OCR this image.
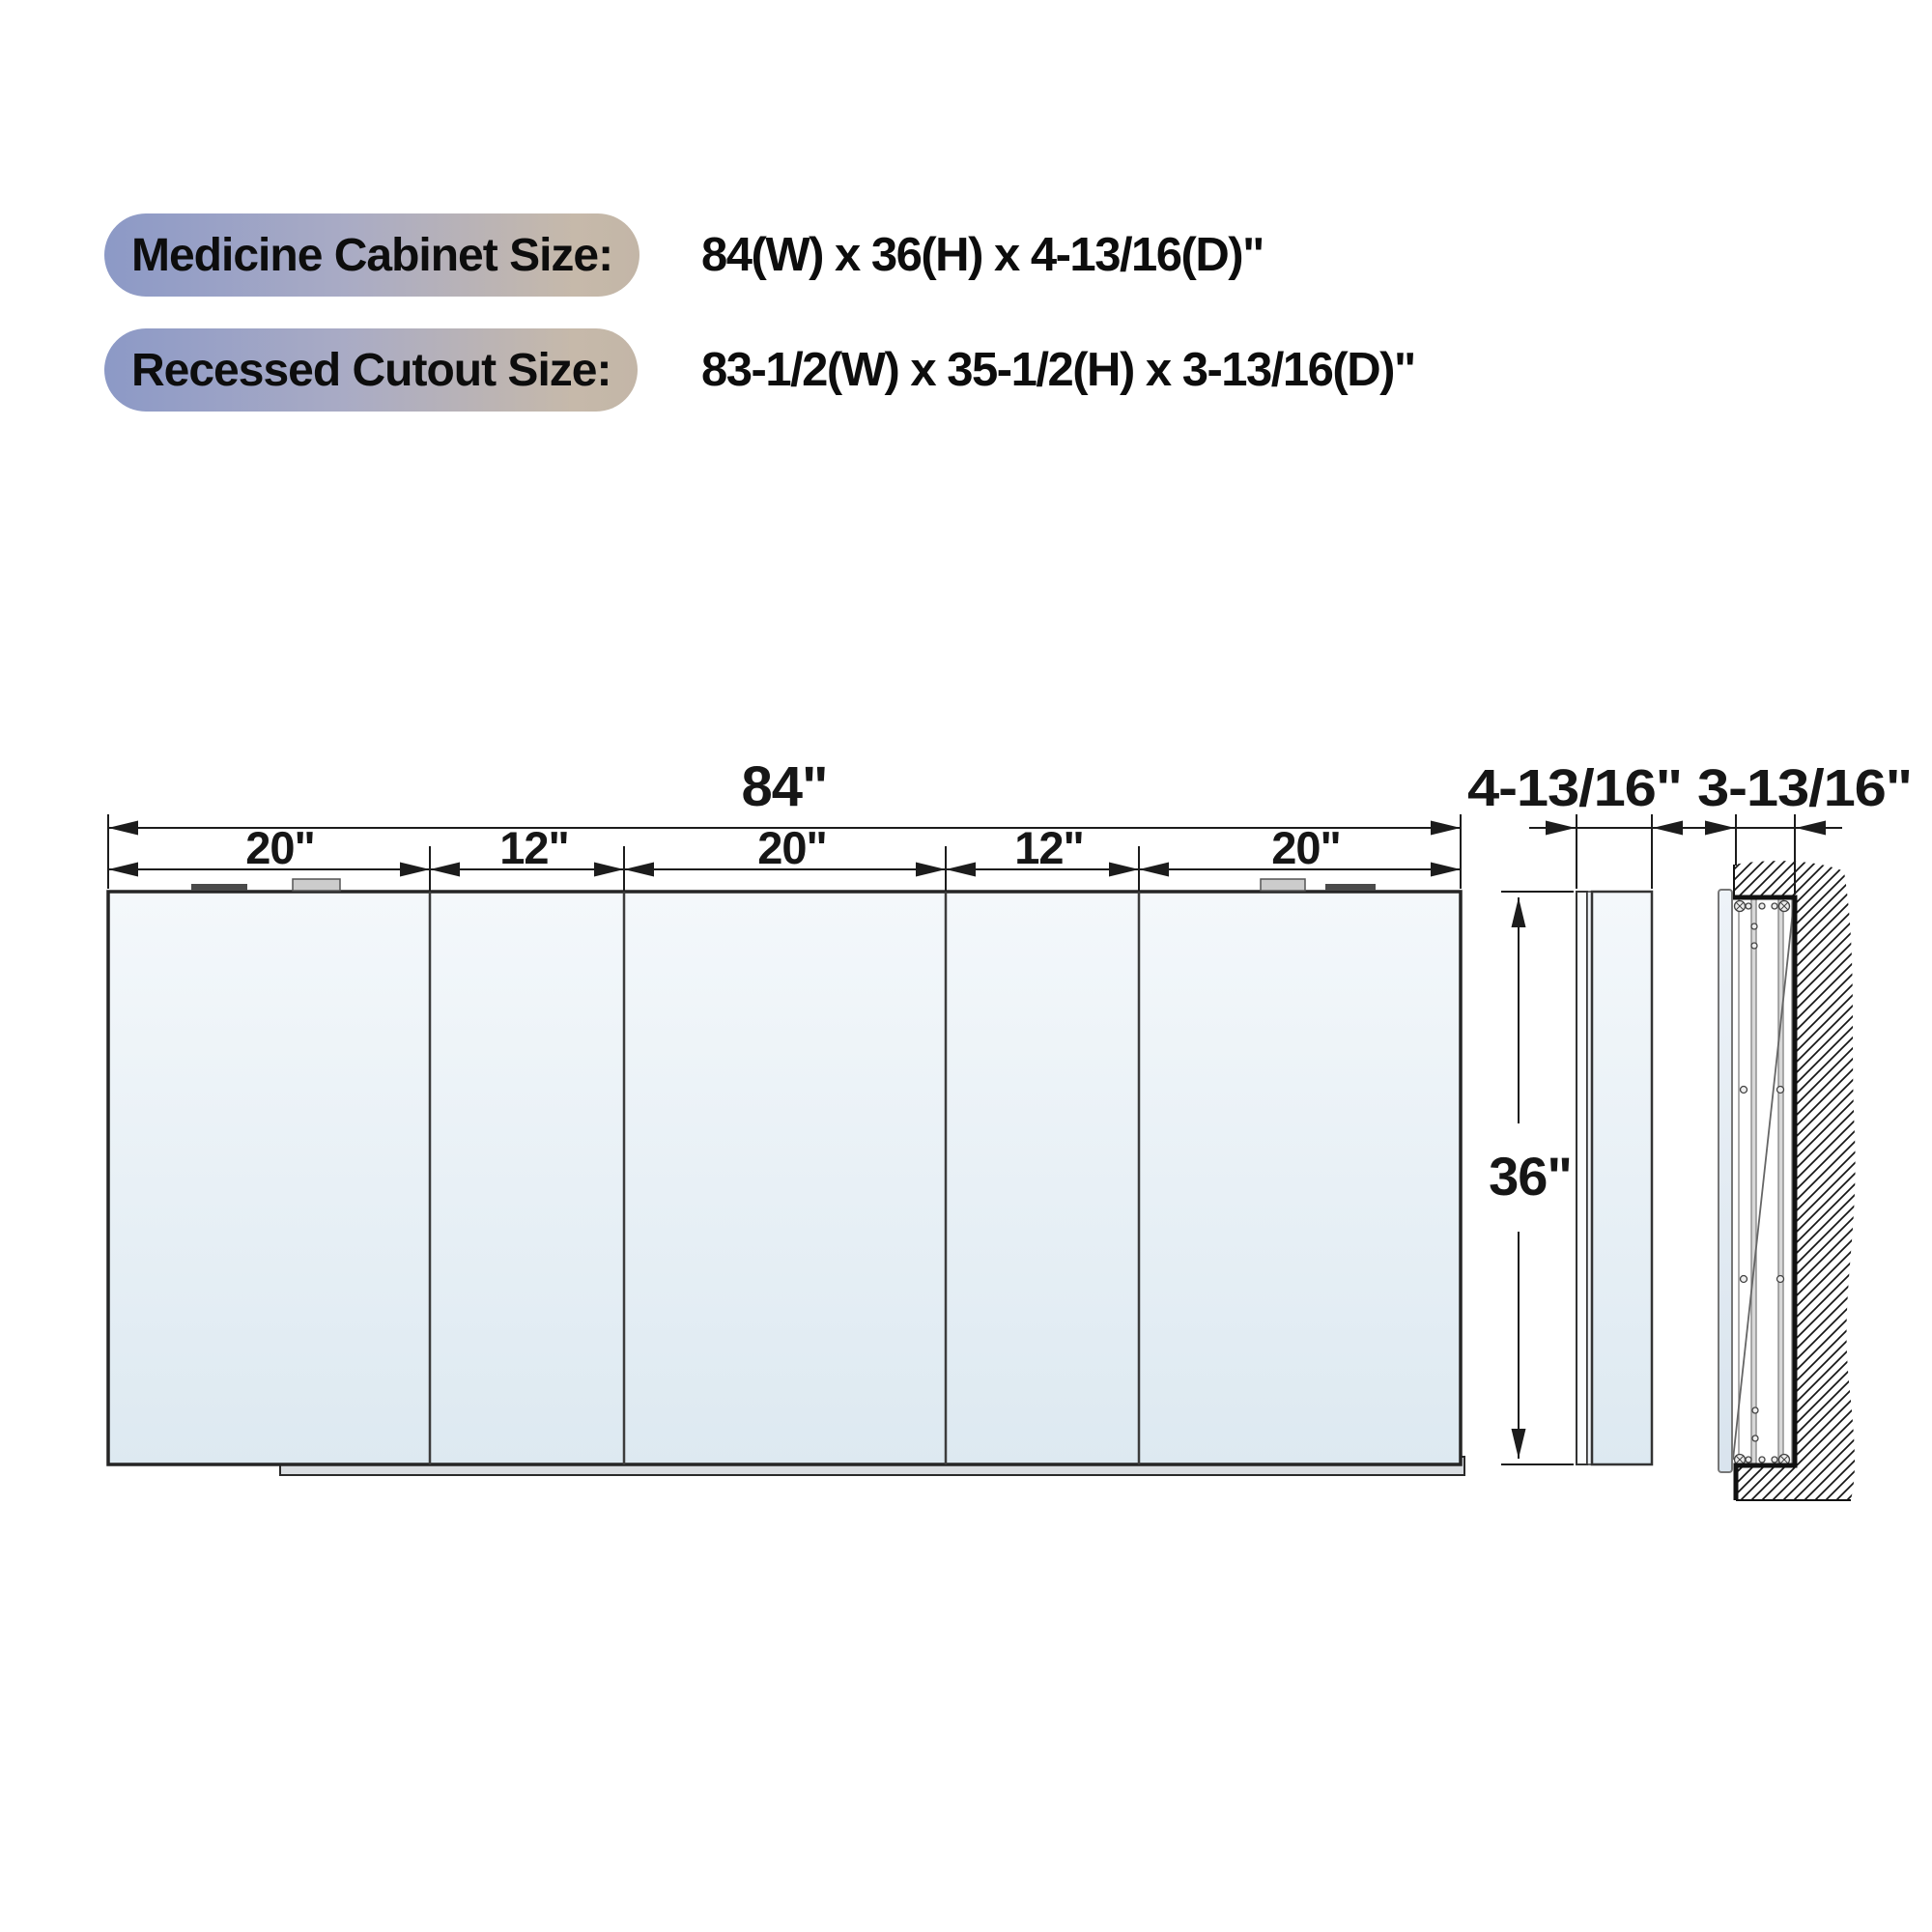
Medicine Cabinet Size: 84(W) x 36(H) x 4-13/16(D)"
Recessed Cutout Size: 83-1/2(W) x 35-1/2(H) x 3-13/16(D)"
84"
20"	12"	20"	12"	20"
36"
4-13/16" 3-13/16"
